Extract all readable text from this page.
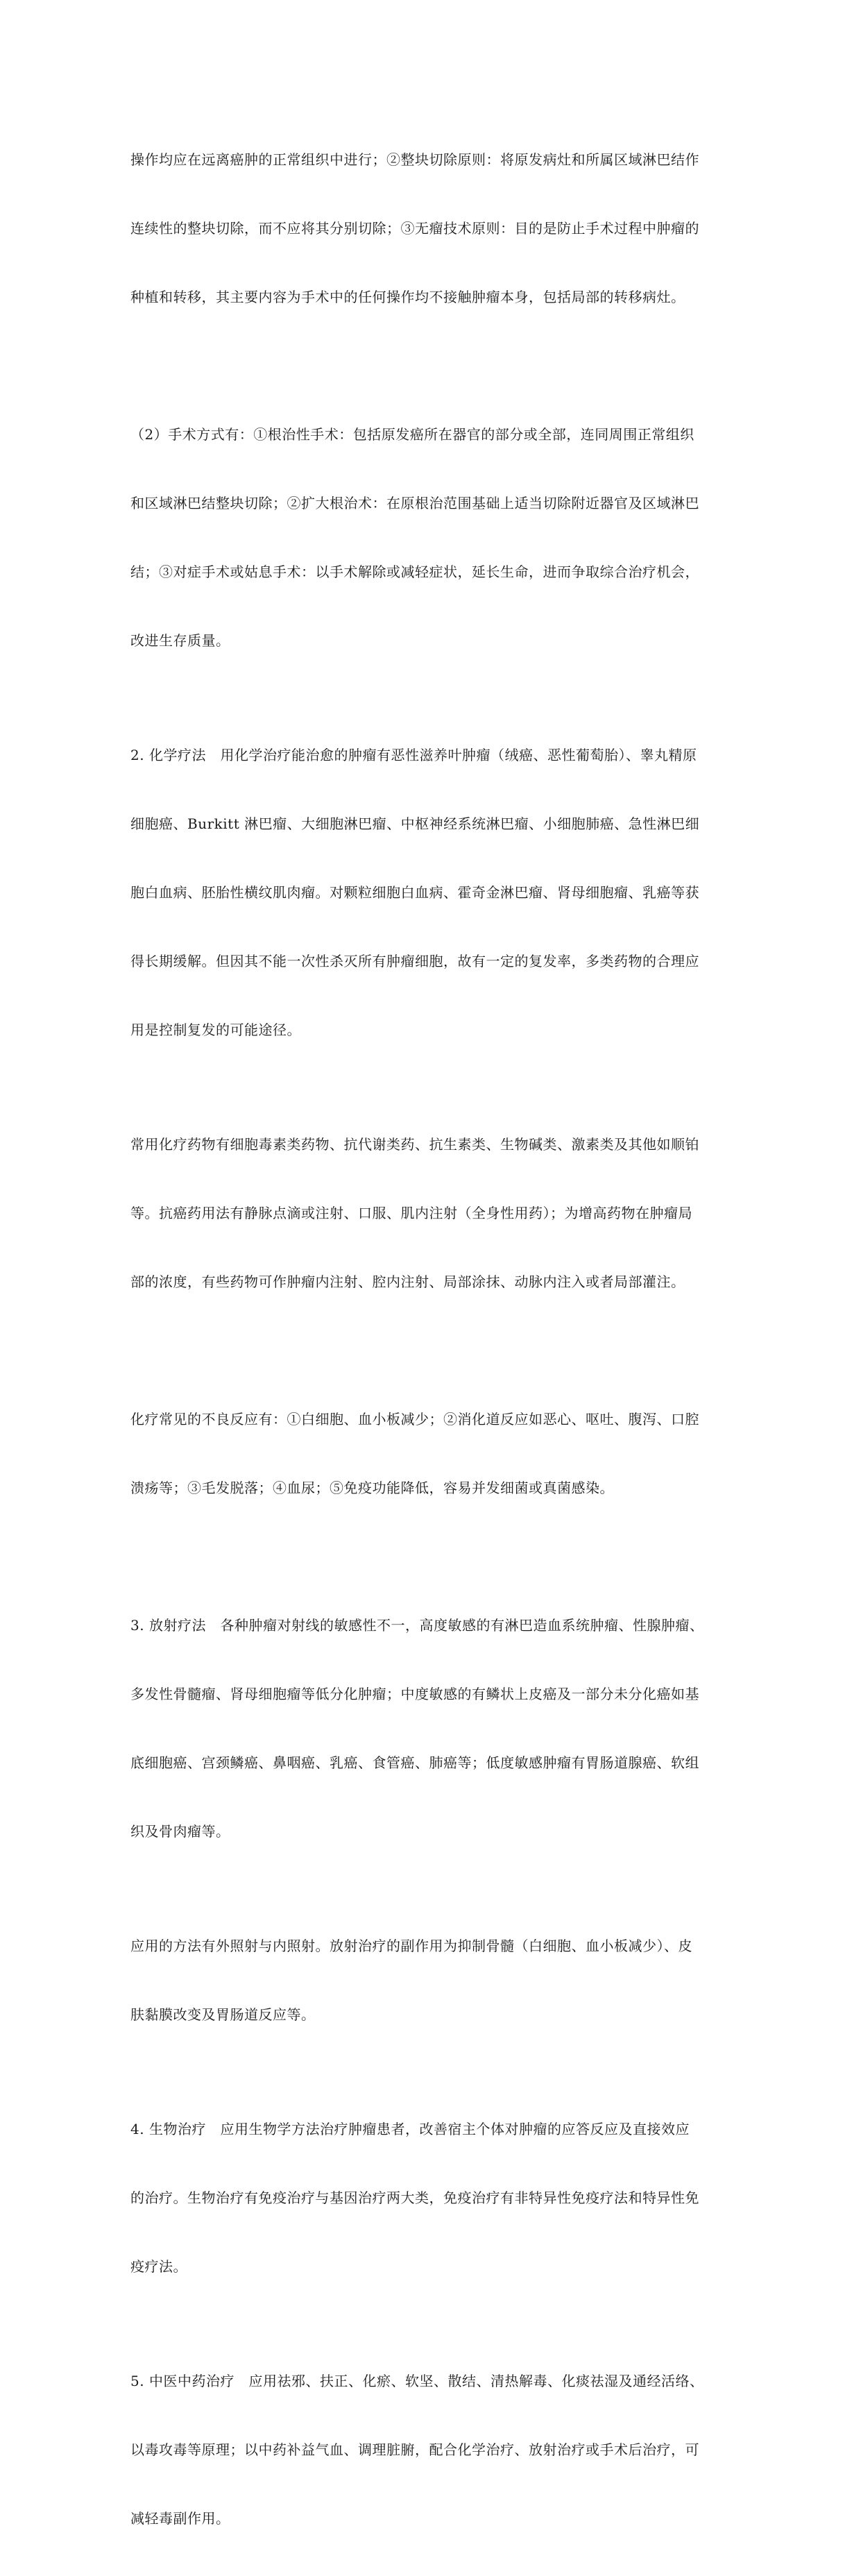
操作均应在远离癌肿的正常组织中进行；②整块切除原则：将原发病灶和所属区域淋巴结作

连续性的整块切除，而不应将其分别切除；③无瘤技术原则：目的是防止手术过程中肿瘤的

种植和转移，其主要内容为手术中的任何操作均不接触肿瘤本身，包括局部的转移病灶。

（2）手术方式有：①根治性手术：包括原发癌所在器官的部分或全部，连同周围正常组织

和区域淋巴结整块切除；②扩大根治术：在原根治范围基础上适当切除附近器官及区域淋巴

结；③对症手术或姑息手术：以手术解除或减轻症状，延长生命，进而争取综合治疗机会，

改进生存质量。

2. 化学疗法　用化学治疗能治愈的肿瘤有恶性滋养叶肿瘤（绒癌、恶性葡萄胎）、睾丸精原

细胞癌、Burkitt 淋巴瘤、大细胞淋巴瘤、中枢神经系统淋巴瘤、小细胞肺癌、急性淋巴细

胞白血病、胚胎性横纹肌肉瘤。对颗粒细胞白血病、霍奇金淋巴瘤、肾母细胞瘤、乳癌等获

得长期缓解。但因其不能一次性杀灭所有肿瘤细胞，故有一定的复发率，多类药物的合理应

用是控制复发的可能途径。

常用化疗药物有细胞毒素类药物、抗代谢类药、抗生素类、生物碱类、激素类及其他如顺铂

等。抗癌药用法有静脉点滴或注射、口服、肌内注射（全身性用药）；为增高药物在肿瘤局

部的浓度，有些药物可作肿瘤内注射、腔内注射、局部涂抹、动脉内注入或者局部灌注。

化疗常见的不良反应有：①白细胞、血小板减少；②消化道反应如恶心、呕吐、腹泻、口腔

溃疡等；③毛发脱落；④血尿；⑤免疫功能降低，容易并发细菌或真菌感染。

3. 放射疗法　各种肿瘤对射线的敏感性不一，高度敏感的有淋巴造血系统肿瘤、性腺肿瘤、

多发性骨髓瘤、肾母细胞瘤等低分化肿瘤；中度敏感的有鳞状上皮癌及一部分未分化癌如基

底细胞癌、宫颈鳞癌、鼻咽癌、乳癌、食管癌、肺癌等；低度敏感肿瘤有胃肠道腺癌、软组

织及骨肉瘤等。

应用的方法有外照射与内照射。放射治疗的副作用为抑制骨髓（白细胞、血小板减少）、皮

肤黏膜改变及胃肠道反应等。

4. 生物治疗　应用生物学方法治疗肿瘤患者，改善宿主个体对肿瘤的应答反应及直接效应

的治疗。生物治疗有免疫治疗与基因治疗两大类，免疫治疗有非特异性免疫疗法和特异性免

疫疗法。

5. 中医中药治疗　应用祛邪、扶正、化瘀、软坚、散结、清热解毒、化痰祛湿及通经活络、

以毒攻毒等原理；以中药补益气血、调理脏腑，配合化学治疗、放射治疗或手术后治疗，可

减轻毒副作用。
